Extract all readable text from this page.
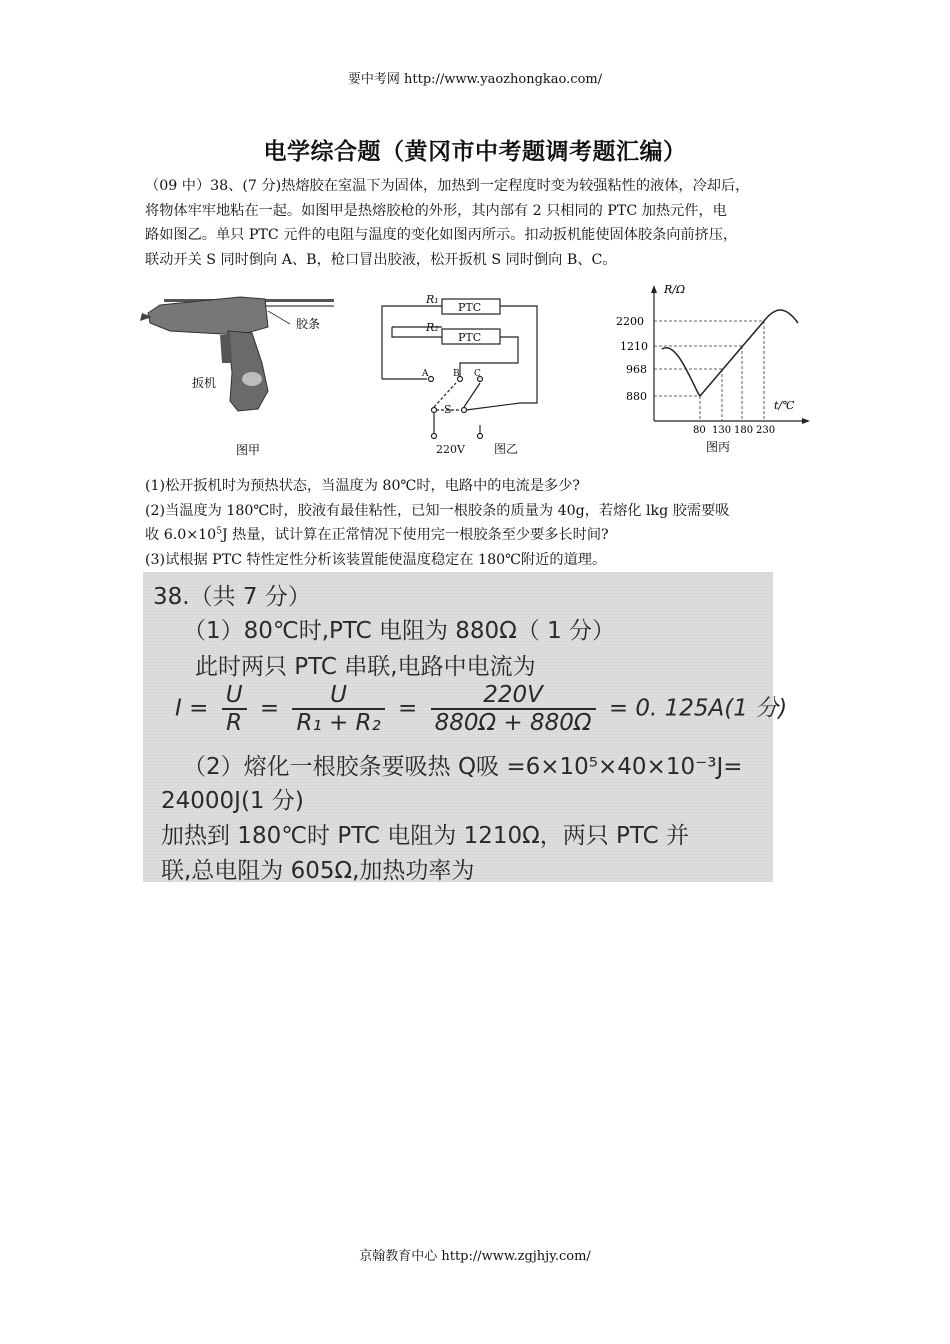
要中考网 http://www.yaozhongkao.com/
电学综合题（黄冈市中考题调考题汇编）

（09 中）38、(7 分)热熔胶在室温下为固体，加热到一定程度时变为较强粘性的液体，冷却后，

将物体牢牢地粘在一起。如图甲是热熔胶枪的外形，其内部有 2 只相同的 PTC 加热元件，电

路如图乙。单只 PTC 元件的电阻与温度的变化如图丙所示。扣动扳机能使固体胶条向前挤压，

联动开关 S 同时倒向 A、B，枪口冒出胶液，松开扳机 S 同时倒向 B、C。

胶条
扳机
图甲
R₁
PTC
R₂
PTC
A	B C
S
220V 图乙
R/Ω
t/℃
2200
1210
968
880
80 130 180 230
图丙

(1)松开扳机时为预热状态，当温度为 80℃时，电路中的电流是多少?

(2)当温度为 180℃时，胶液有最佳粘性，已知一根胶条的质量为 40g，若熔化 lkg 胶需要吸

收 $6.0\times 10^5J$ 热量，试计算在正常情况下使用完一根胶条至少要多长时间?

(3)试根据 PTC 特性定性分析该装置能使温度稳定在 180℃附近的道理。

38.（共 7 分）
（1）80℃时,PTC 电阻为 880Ω（ 1 分）
此时两只 PTC 串联,电路中电流为
$I = \frac{U}{R} = \frac{U}{\text{R₁ + R₂}} = \frac{220V}{880\Omega + 880\Omega} = 0$. 125A(1 分)
（2）熔化一根胶条要吸热 Q吸 =6×10⁵×40×10⁻³J=
24000J(1 分)
加热到 180℃时 PTC 电阻为 1210Ω，两只 PTC 并
联,总电阻为 605Ω,加热功率为
京翰教育中心 http://www.zgjhjy.com/
